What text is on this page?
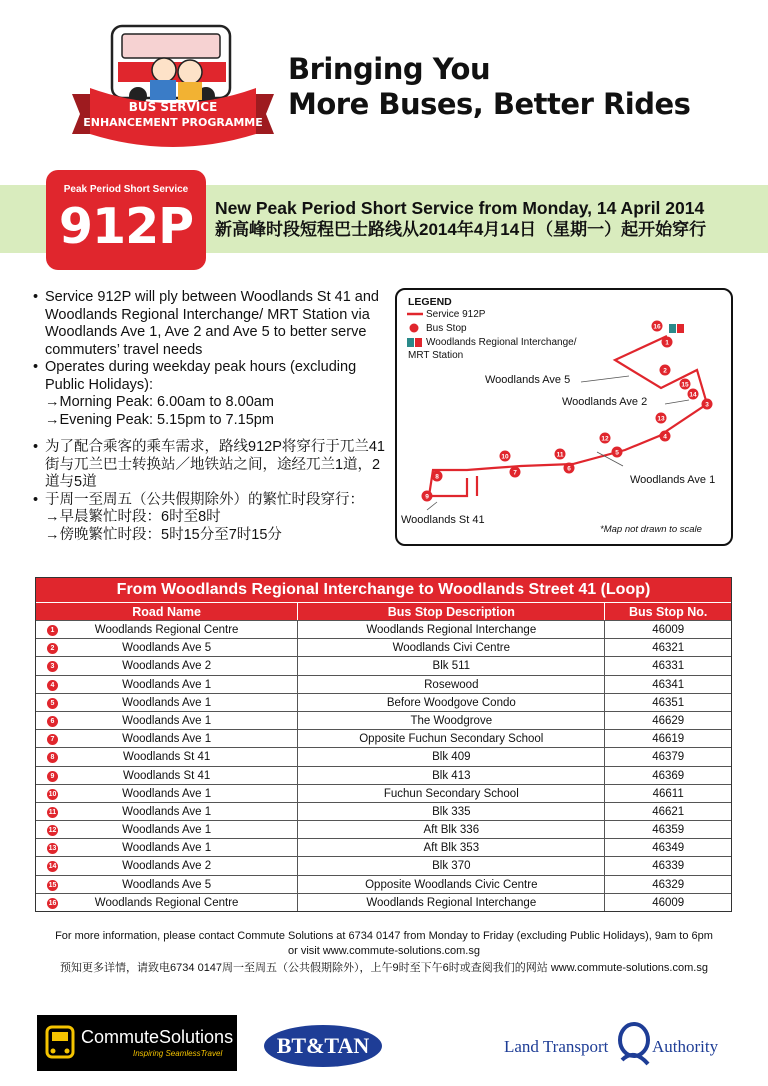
BUS SERVICE
ENHANCEMENT PROGRAMME
Bringing You
More Buses, Better Rides
Peak Period Short Service
912P	New Peak Period Short Service from Monday, 14 April 2014
新高峰时段短程巴士路线从2014年4月14日（星期一）起开始穿行
• Service 912P will ply between Woodlands St 41 and Woodlands Regional Interchange/ MRT Station via Woodlands Ave 1, Ave 2 and Ave 5 to better serve commuters’ travel needs
• Operates during weekday peak hours (excluding Public Holidays):
→Morning Peak: 6.00am to 8.00am
→Evening Peak: 5.15pm to 7.15pm
• 为了配合乘客的乘车需求，路线912P将穿行于兀兰41街与兀兰巴士转换站／地铁站之间，途经兀兰1道，2道与5道
• 于周一至周五（公共假期除外）的繁忙时段穿行：
→早晨繁忙时段：6时至8时
→傍晚繁忙时段：5时15分至7时15分
1
2
3
4
5
6
7
8
9
10	11
12
13
14
15
16
LEGEND
Service 912P
Bus Stop
Woodlands Regional Interchange/
MRT Station
Woodlands Ave 5
Woodlands Ave 2
Woodlands Ave 1
Woodlands St 41
*Map not drawn to scale
From Woodlands Regional Interchange to Woodlands Street 41 (Loop)
Road Name	Bus Stop Description	Bus Stop No.
1	Woodlands Regional Centre	Woodlands Regional Interchange	46009
2	Woodlands Ave 5	Woodlands Civi Centre	46321
3	Woodlands Ave 2	Blk 511	46331
4	Woodlands Ave 1	Rosewood	46341
5	Woodlands Ave 1	Before Woodgove Condo	46351
6	Woodlands Ave 1	The Woodgrove	46629
7	Woodlands Ave 1	Opposite Fuchun Secondary School	46619
8	Woodlands St 41	Blk 409	46379
9	Woodlands St 41	Blk 413	46369
10	Woodlands Ave 1	Fuchun Secondary School	46611
11	Woodlands Ave 1	Blk 335	46621
12	Woodlands Ave 1	Aft Blk 336	46359
13	Woodlands Ave 1	Aft Blk 353	46349
14	Woodlands Ave 2	Blk 370	46339
15	Woodlands Ave 5	Opposite Woodlands Civic Centre	46329
16	Woodlands Regional Centre	Woodlands Regional Interchange	46009
For more information, please contact Commute Solutions at 6734 0147 from Monday to Friday (excluding Public Holidays), 9am to 6pm
or visit www.commute-solutions.com.sg
预知更多详情，请致电6734 0147周一至周五（公共假期除外），上午9时至下午6时或查阅我们的网站 www.commute-solutions.com.sg
CommuteSolutions
Inspiring SeamlessTravel	BT&TAN	Land Transport	Authority
